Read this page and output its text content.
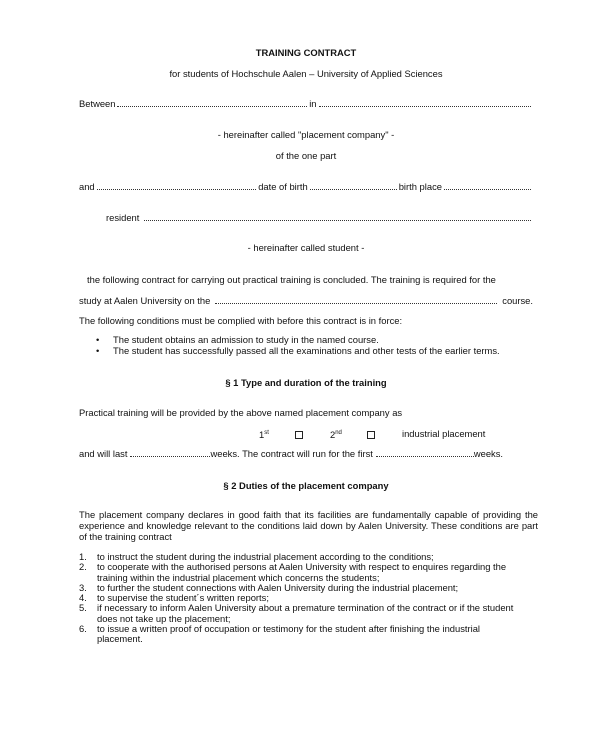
TRAINING CONTRACT
for students of Hochschule Aalen – University of Applied Sciences
Between	in
- hereinafter called "placement company" -
of the one part
and	date of birth	birth place
resident
- hereinafter called student -
the following contract for carrying out practical training is concluded. The training is required for the
study at Aalen University on the	course.
The following conditions must be complied with before this contract is in force:
•	The student obtains an admission to study in the named course.
•	The student has successfully passed all the examinations and other tests of the earlier terms.
§ 1 Type and duration of the training
Practical training will be provided by the above named placement company as
1st	2nd	industrial placement
and will last	weeks. The contract will run for the first	weeks.
§ 2 Duties of the placement company
The placement company declares in good faith that its facilities are fundamentally capable of providing the experience and knowledge relevant to the conditions laid down by Aalen University. These conditions are part of the training contract
1.	to instruct the student during the industrial placement according to the conditions;
2.	to cooperate with the authorised persons at Aalen University with respect to enquires regarding the training within the industrial placement which concerns the students;
3.	to further the student connections with Aalen University during the industrial placement;
4.	to supervise the student´s written reports;
5.	if necessary to inform Aalen University about a premature termination of the contract or if the student does not take up the placement;
6.	to issue a written proof of occupation or testimony for the student after finishing the industrial placement.
